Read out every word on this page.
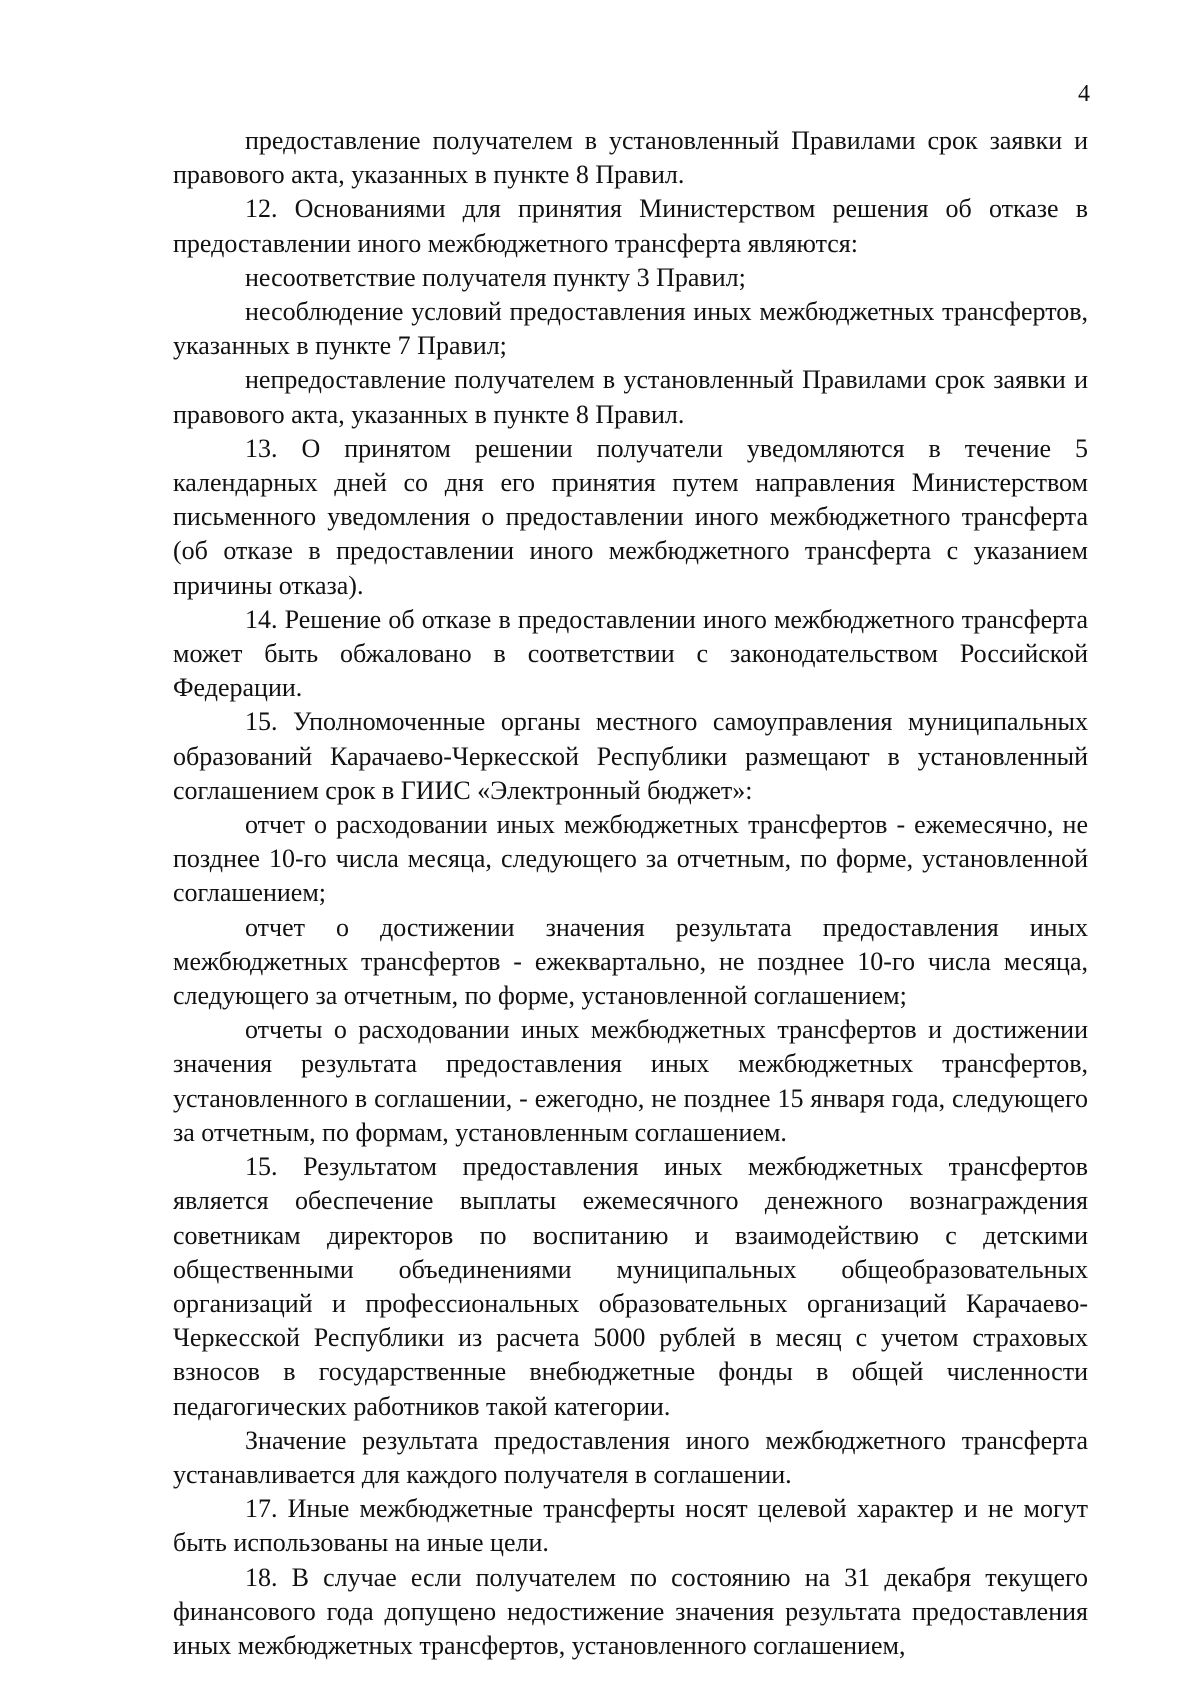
4

предоставление получателем в установленный Правилами срок заявки и правового акта, указанных в пункте 8 Правил.

12. Основаниями для принятия Министерством решения об отказе в предоставлении иного межбюджетного трансферта являются:

несоответствие получателя пункту 3 Правил;

несоблюдение условий предоставления иных межбюджетных трансфертов, указанных в пункте 7 Правил;

непредоставление получателем в установленный Правилами срок заявки и правового акта, указанных в пункте 8 Правил.

13. О принятом решении получатели уведомляются в течение 5 календарных дней со дня его принятия путем направления Министерством письменного уведомления о предоставлении иного межбюджетного трансферта (об отказе в предоставлении иного межбюджетного трансферта с указанием причины отказа).

14. Решение об отказе в предоставлении иного межбюджетного трансферта может быть обжаловано в соответствии с законодательством Российской Федерации.

15. Уполномоченные органы местного самоуправления муниципальных образований Карачаево-Черкесской Республики размещают в установленный соглашением срок в ГИИС «Электронный бюджет»:

отчет о расходовании иных межбюджетных трансфертов - ежемесячно, не позднее 10-го числа месяца, следующего за отчетным, по форме, установленной соглашением;

отчет о достижении значения результата предоставления иных межбюджетных трансфертов - ежеквартально, не позднее 10-го числа месяца, следующего за отчетным, по форме, установленной соглашением;

отчеты о расходовании иных межбюджетных трансфертов и достижении значения результата предоставления иных межбюджетных трансфертов, установленного в соглашении, - ежегодно, не позднее 15 января года, следующего за отчетным, по формам, установленным соглашением.

15. Результатом предоставления иных межбюджетных трансфертов является обеспечение выплаты ежемесячного денежного вознаграждения советникам директоров по воспитанию и взаимодействию с детскими общественными объединениями муниципальных общеобразовательных организаций и профессиональных образовательных организаций Карачаево-Черкесской Республики из расчета 5000 рублей в месяц с учетом страховых взносов в государственные внебюджетные фонды в общей численности педагогических работников такой категории.

Значение результата предоставления иного межбюджетного трансферта устанавливается для каждого получателя в соглашении.

17. Иные межбюджетные трансферты носят целевой характер и не могут быть использованы на иные цели.

18. В случае если получателем по состоянию на 31 декабря текущего финансового года допущено недостижение значения результата предоставления иных межбюджетных трансфертов, установленного соглашением,
